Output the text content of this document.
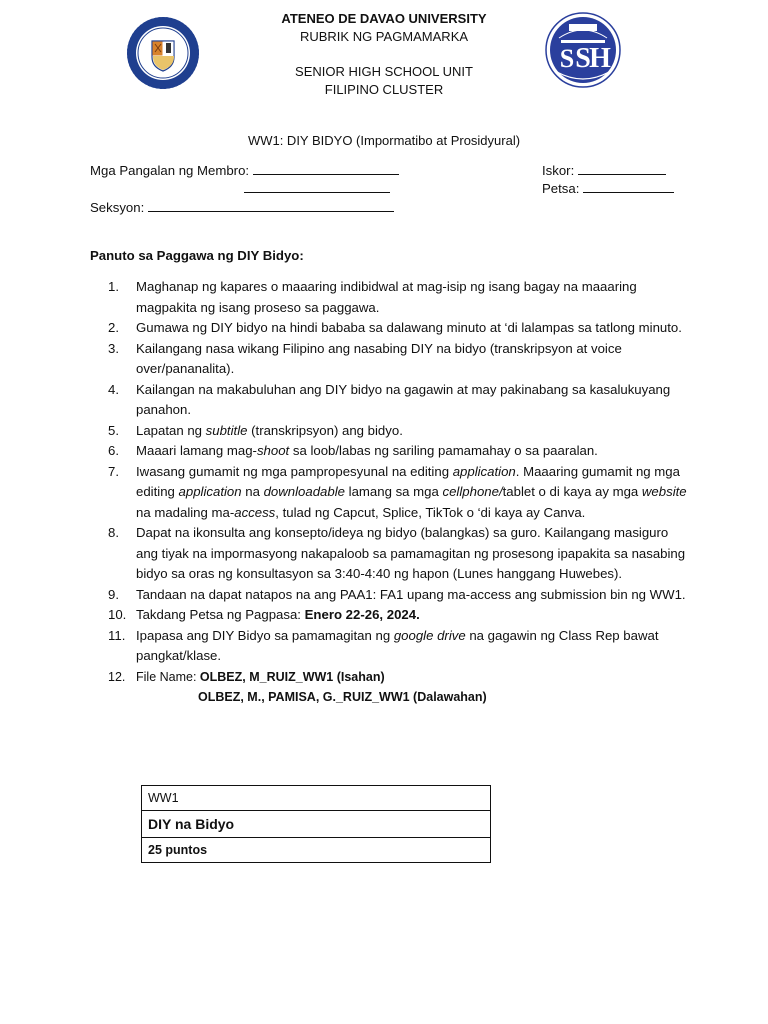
S
S H
ATENEO DE DAVAO UNIVERSITY
RUBRIK NG PAGMAMARKA
SENIOR HIGH SCHOOL UNIT
FILIPINO CLUSTER
WW1: DIY BIDYO (Impormatibo at Prosidyural)
Mga Pangalan ng Membro:
Seksyon:
Iskor:
Petsa:
Panuto sa Paggawa ng DIY Bidyo:
1.	Maghanap ng kapares o maaaring indibidwal at mag-isip ng isang bagay na maaaring magpakita ng isang proseso sa paggawa.
2.	Gumawa ng DIY bidyo na hindi bababa sa dalawang minuto at ‘di lalampas sa tatlong minuto.
3.	Kailangang nasa wikang Filipino ang nasabing DIY na bidyo (transkripsyon at voice over/pananalita).
4.	Kailangan na makabuluhan ang DIY bidyo na gagawin at may pakinabang sa kasalukuyang panahon.
5.	Lapatan ng subtitle (transkripsyon) ang bidyo.
6.	Maaari lamang mag-shoot sa loob/labas ng sariling pamamahay o sa paaralan.
7.	Iwasang gumamit ng mga pampropesyunal na editing application. Maaaring gumamit ng mga editing application na downloadable lamang sa mga cellphone/tablet o di kaya ay mga website na madaling ma-access, tulad ng Capcut, Splice, TikTok o ‘di kaya ay Canva.
8.	Dapat na ikonsulta ang konsepto/ideya ng bidyo (balangkas) sa guro. Kailangang masiguro ang tiyak na impormasyong nakapaloob sa pamamagitan ng prosesong ipapakita sa nasabing bidyo sa oras ng konsultasyon sa 3:40-4:40 ng hapon (Lunes hanggang Huwebes).
9.	Tandaan na dapat natapos na ang PAA1: FA1 upang ma-access ang submission bin ng WW1.
10. Takdang Petsa ng Pagpasa: Enero 22-26, 2024.
11. Ipapasa ang DIY Bidyo sa pamamagitan ng google drive na gagawin ng Class Rep bawat pangkat/klase.
12. File Name: OLBEZ, M_RUIZ_WW1 (Isahan)
OLBEZ, M., PAMISA, G._RUIZ_WW1 (Dalawahan)
WW1
DIY na Bidyo
25 puntos
